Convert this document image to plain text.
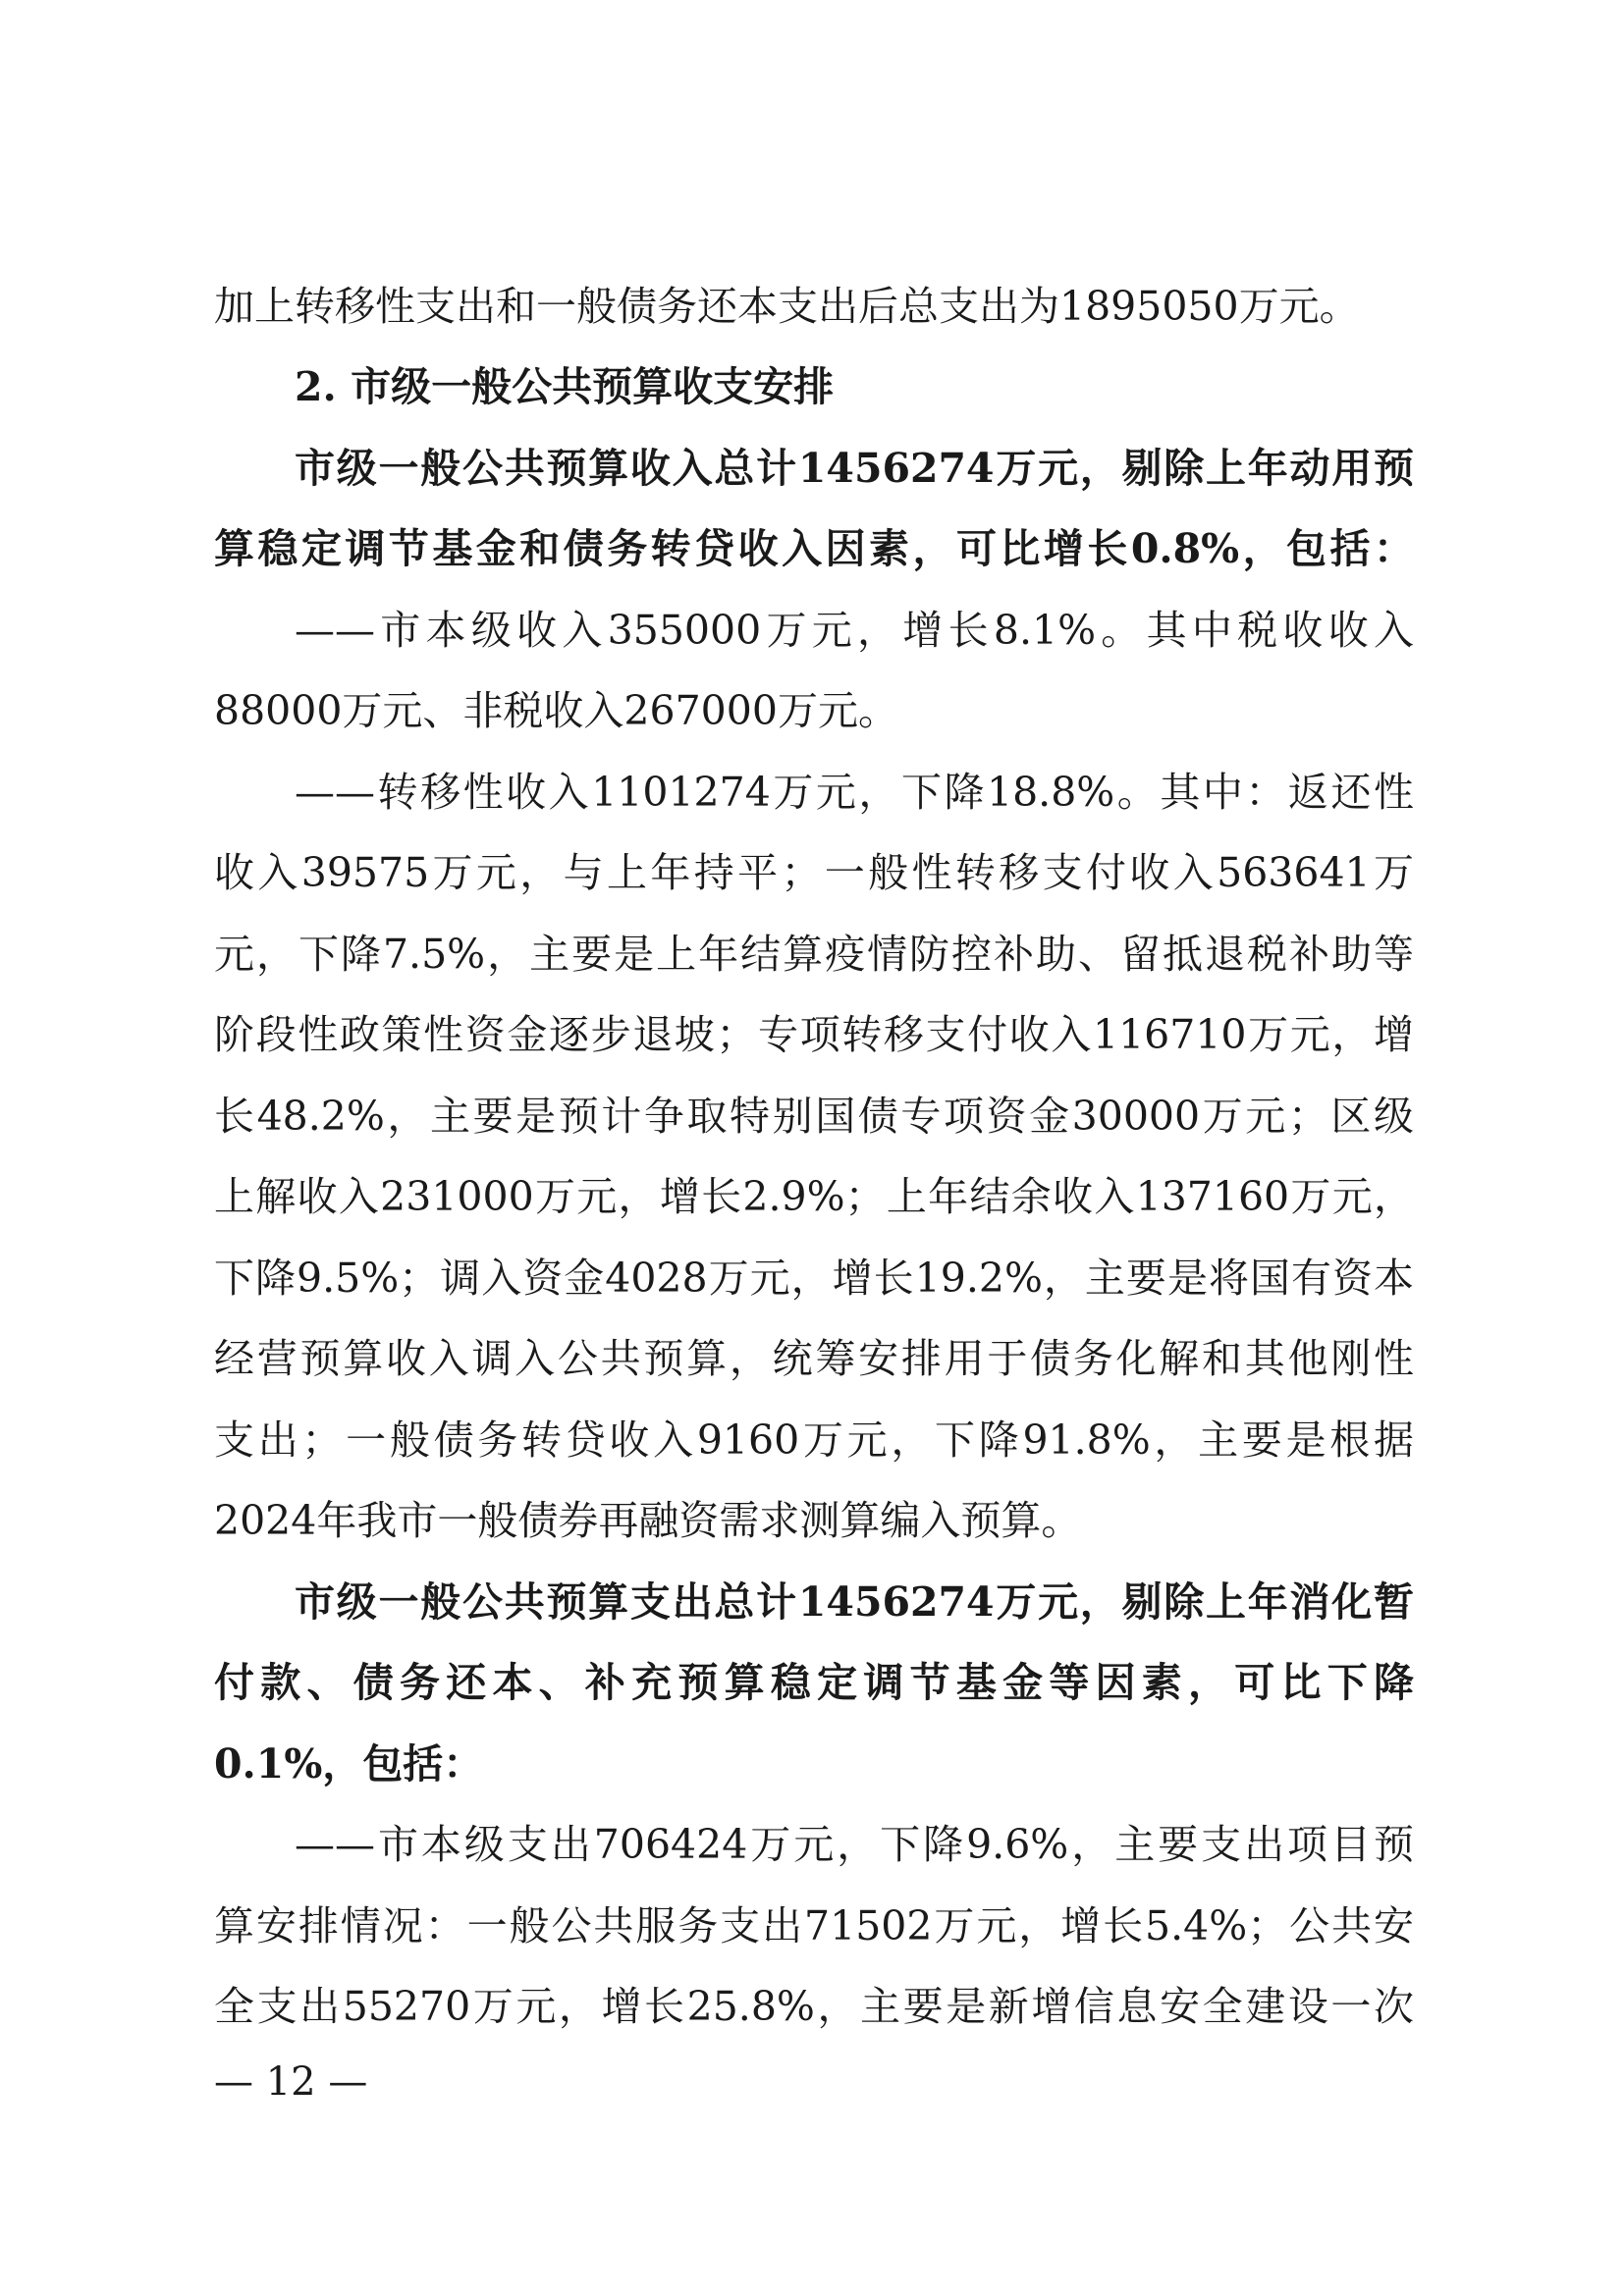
加上转移性支出和一般债务还本支出后总支出为1895050万元。
2. 市级一般公共预算收支安排
市级一般公共预算收入总计1456274万元，剔除上年动用预
算稳定调节基金和债务转贷收入因素，可比增长0.8%，包括：
——市本级收入355000万元，增长8.1%。其中税收收入
88000万元、非税收入267000万元。
——转移性收入1101274万元，下降18.8%。其中：返还性
收入39575万元，与上年持平；一般性转移支付收入563641万
元，下降7.5%，主要是上年结算疫情防控补助、留抵退税补助等
阶段性政策性资金逐步退坡；专项转移支付收入116710万元，增
长48.2%，主要是预计争取特别国债专项资金30000万元；区级
上解收入231000万元，增长2.9%；上年结余收入137160万元，
下降9.5%；调入资金4028万元，增长19.2%，主要是将国有资本
经营预算收入调入公共预算，统筹安排用于债务化解和其他刚性
支出；一般债务转贷收入9160万元，下降91.8%，主要是根据
2024年我市一般债券再融资需求测算编入预算。
市级一般公共预算支出总计1456274万元，剔除上年消化暂
付款、债务还本、补充预算稳定调节基金等因素，可比下降
0.1%，包括：
——市本级支出706424万元，下降9.6%，主要支出项目预
算安排情况：一般公共服务支出71502万元，增长5.4%；公共安
全支出55270万元，增长25.8%，主要是新增信息安全建设一次
— 12 —
